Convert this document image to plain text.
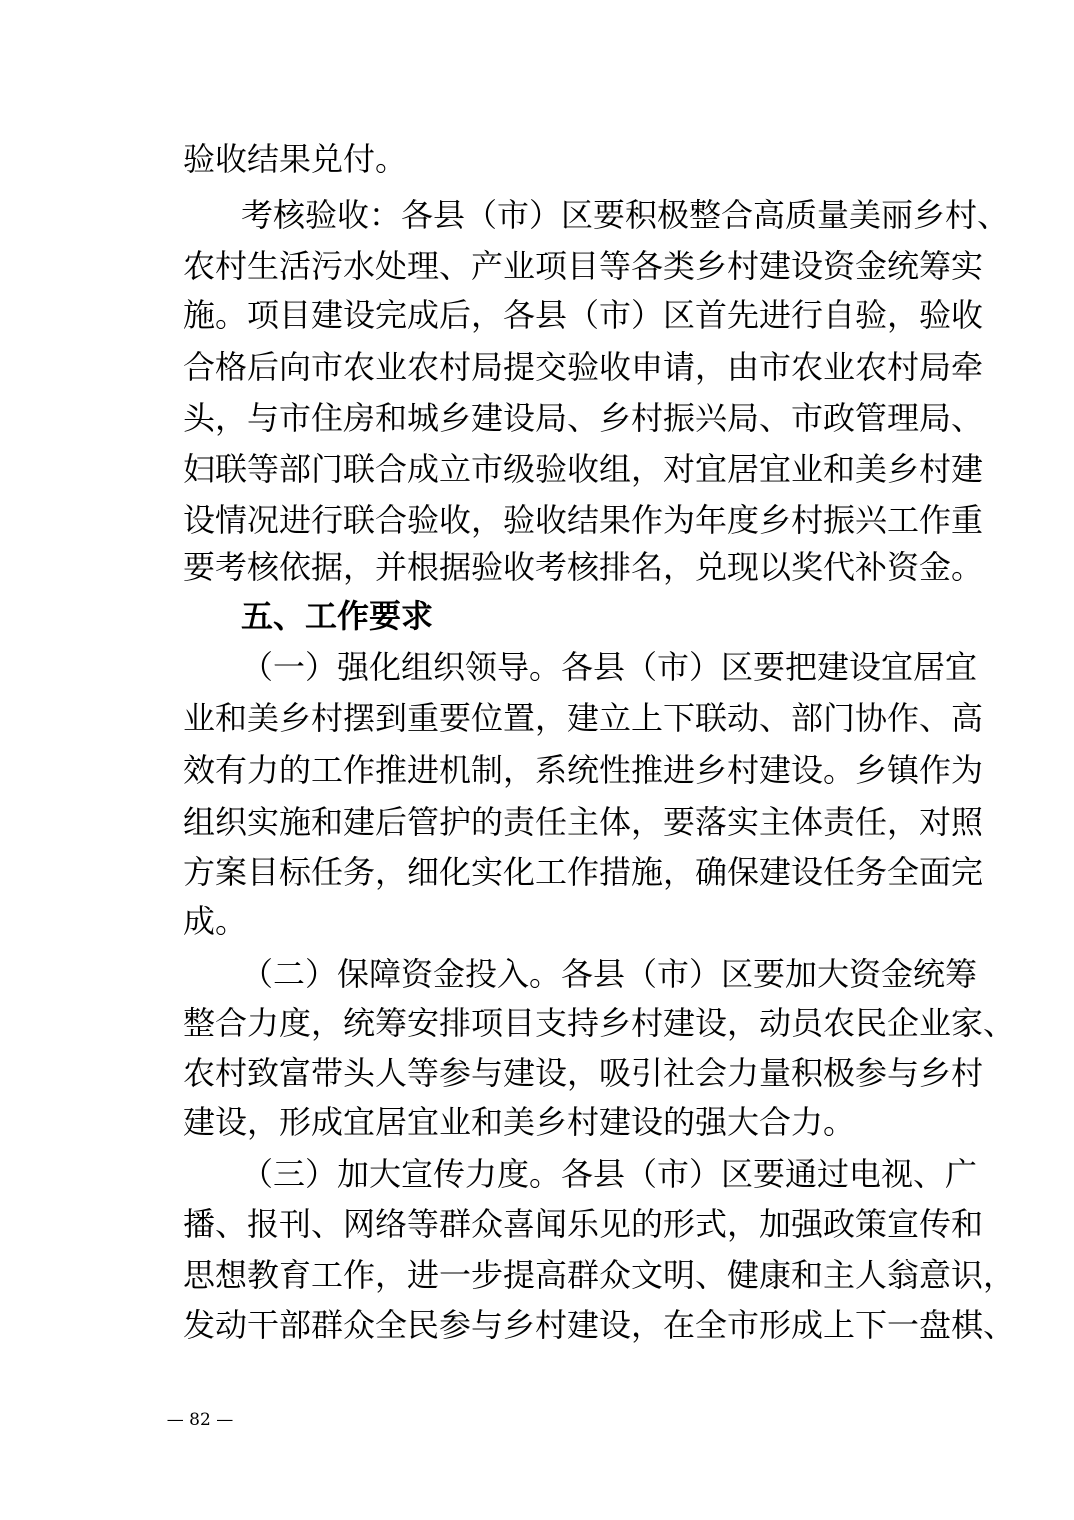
验收结果兑付。
考核验收：各县（市）区要积极整合高质量美丽乡村、
农村生活污水处理、产业项目等各类乡村建设资金统筹实
施。项目建设完成后，各县（市）区首先进行自验，验收
合格后向市农业农村局提交验收申请，由市农业农村局牵
头，与市住房和城乡建设局、乡村振兴局、市政管理局、
妇联等部门联合成立市级验收组，对宜居宜业和美乡村建
设情况进行联合验收，验收结果作为年度乡村振兴工作重
要考核依据，并根据验收考核排名，兑现以奖代补资金。
五、工作要求
（一）强化组织领导。各县（市）区要把建设宜居宜
业和美乡村摆到重要位置，建立上下联动、部门协作、高
效有力的工作推进机制，系统性推进乡村建设。乡镇作为
组织实施和建后管护的责任主体，要落实主体责任，对照
方案目标任务，细化实化工作措施，确保建设任务全面完
成。
（二）保障资金投入。各县（市）区要加大资金统筹
整合力度，统筹安排项目支持乡村建设，动员农民企业家、
农村致富带头人等参与建设，吸引社会力量积极参与乡村
建设，形成宜居宜业和美乡村建设的强大合力。
（三）加大宣传力度。各县（市）区要通过电视、广
播、报刊、网络等群众喜闻乐见的形式，加强政策宣传和
思想教育工作，进一步提高群众文明、健康和主人翁意识，
发动干部群众全民参与乡村建设，在全市形成上下一盘棋、
— 82 —
